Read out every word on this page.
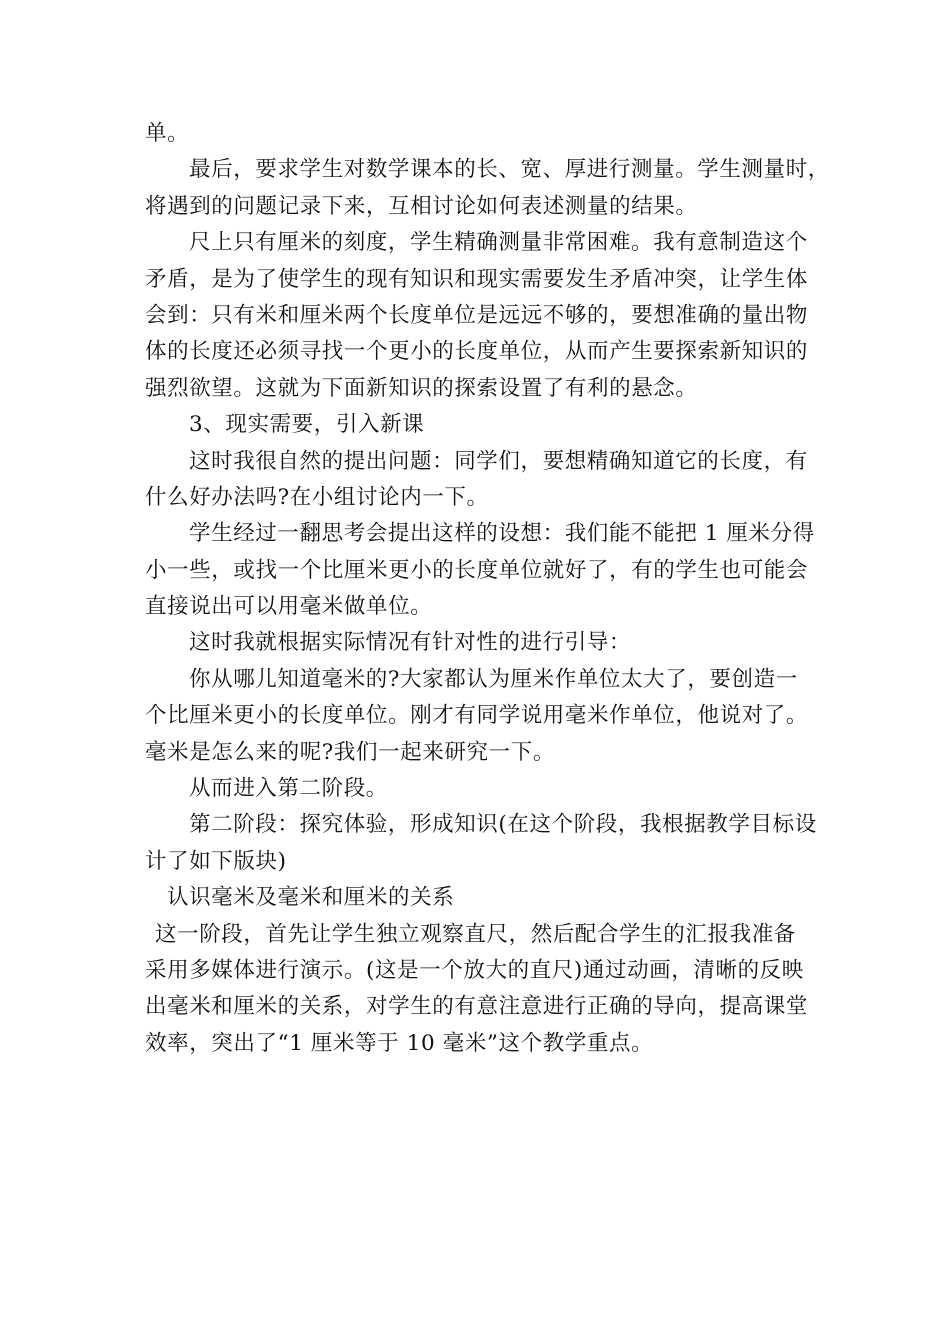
单。
最后，要求学生对数学课本的长、宽、厚进行测量。学生测量时，
将遇到的问题记录下来，互相讨论如何表述测量的结果。
尺上只有厘米的刻度，学生精确测量非常困难。我有意制造这个
矛盾，是为了使学生的现有知识和现实需要发生矛盾冲突，让学生体
会到：只有米和厘米两个长度单位是远远不够的，要想准确的量出物
体的长度还必须寻找一个更小的长度单位，从而产生要探索新知识的
强烈欲望。这就为下面新知识的探索设置了有利的悬念。
3、现实需要，引入新课
这时我很自然的提出问题：同学们，要想精确知道它的长度，有
什么好办法吗?在小组讨论内一下。
学生经过一翻思考会提出这样的设想：我们能不能把 1 厘米分得
小一些，或找一个比厘米更小的长度单位就好了，有的学生也可能会
直接说出可以用毫米做单位。
这时我就根据实际情况有针对性的进行引导：
你从哪儿知道毫米的?大家都认为厘米作单位太大了，要创造一
个比厘米更小的长度单位。刚才有同学说用毫米作单位，他说对了。
毫米是怎么来的呢?我们一起来研究一下。
从而进入第二阶段。
第二阶段：探究体验，形成知识(在这个阶段，我根据教学目标设
计了如下版块)
认识毫米及毫米和厘米的关系
这一阶段，首先让学生独立观察直尺，然后配合学生的汇报我准备
采用多媒体进行演示。(这是一个放大的直尺)通过动画，清晰的反映
出毫米和厘米的关系，对学生的有意注意进行正确的导向，提高课堂
效率，突出了“1 厘米等于 10 毫米”这个教学重点。
